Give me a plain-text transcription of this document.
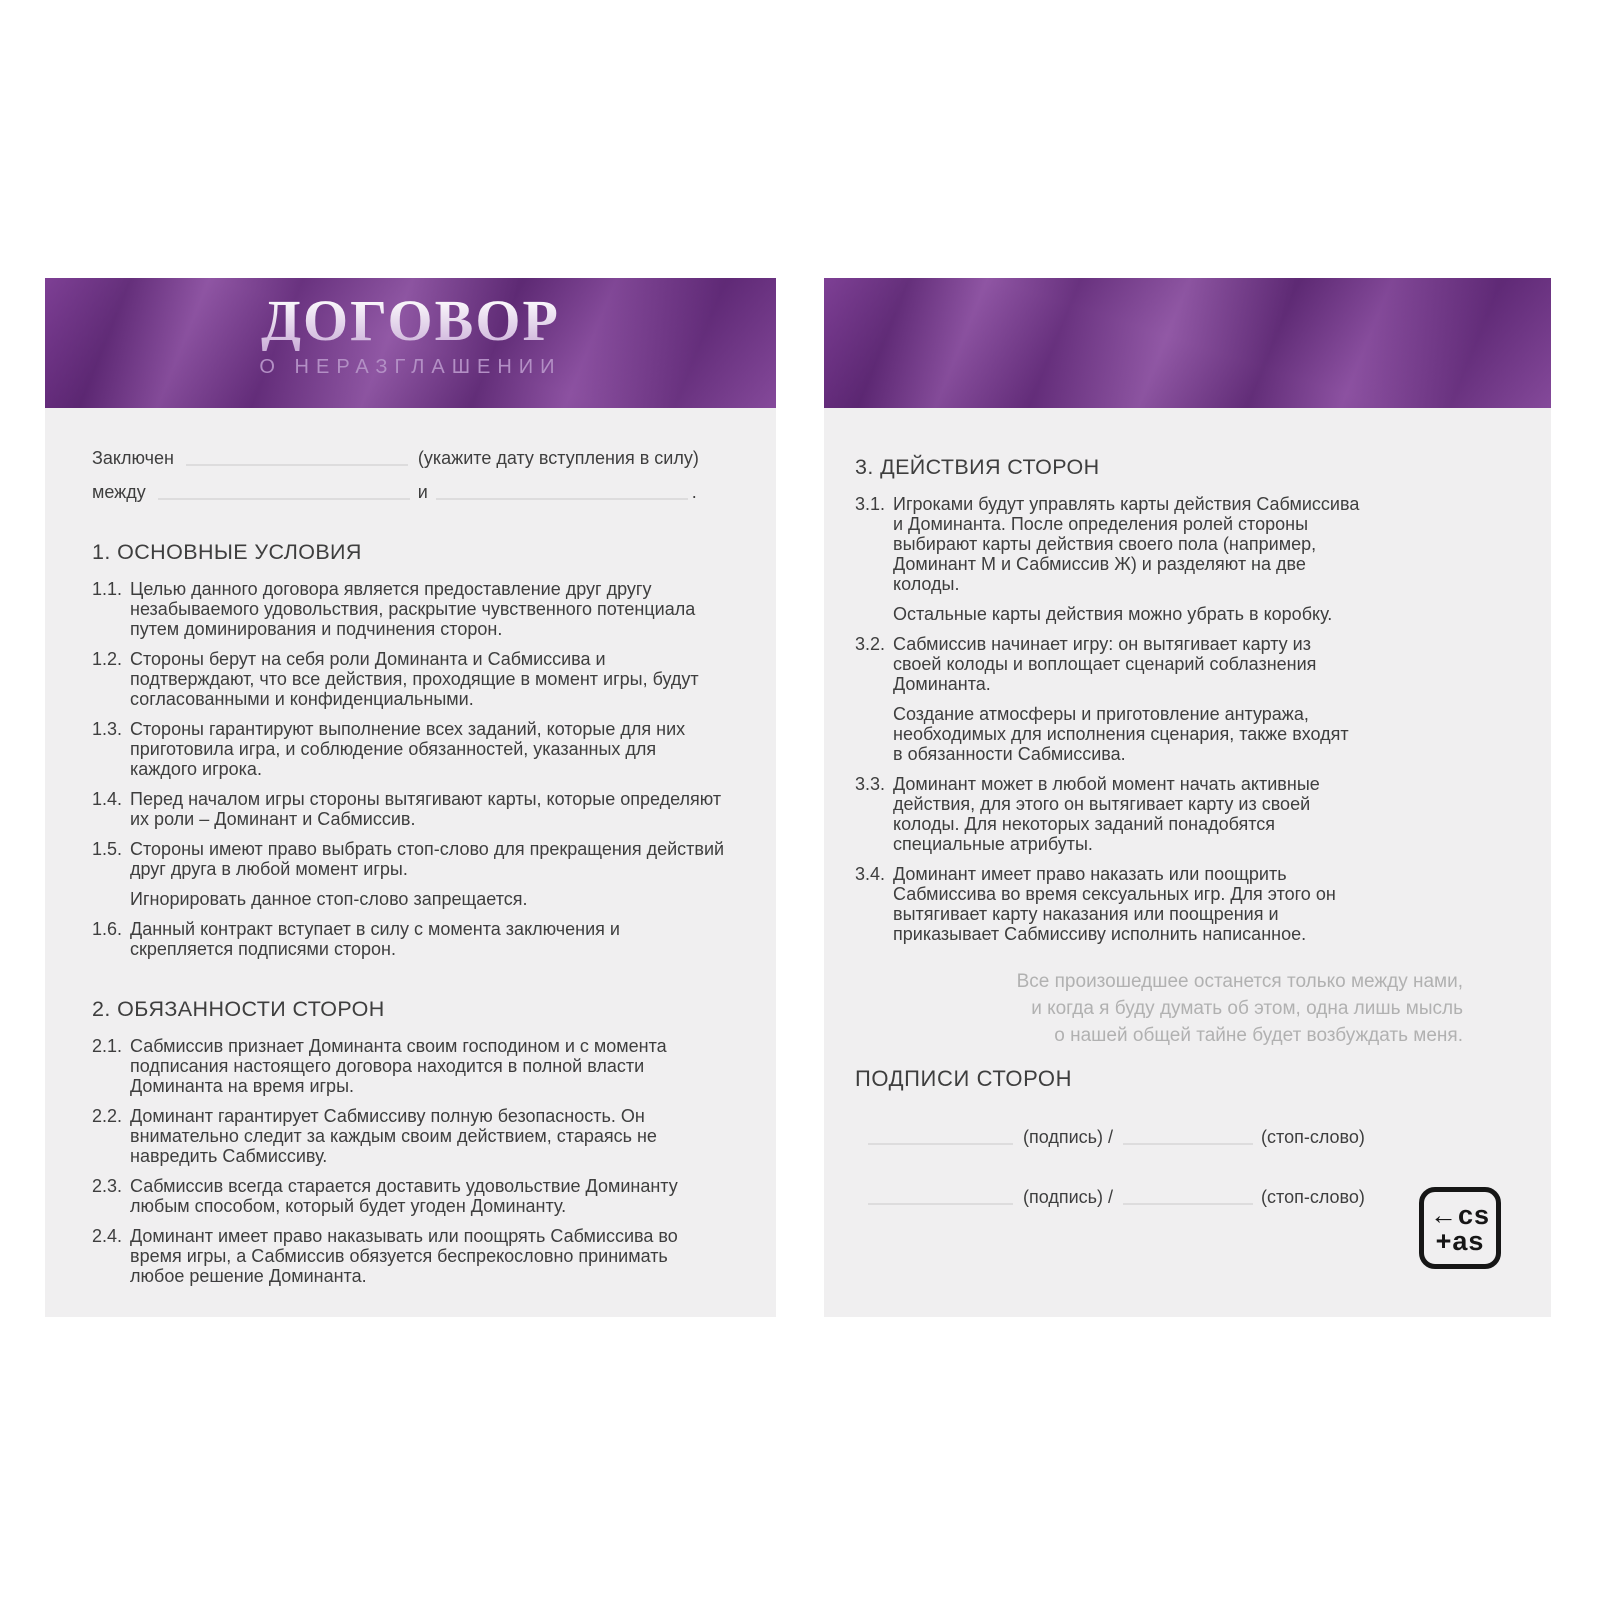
ДОГОВОР
О НЕРАЗГЛАШЕНИИ
Заключен	(укажите дату вступления в силу)
между	и	.
1. ОСНОВНЫЕ УСЛОВИЯ
1.1. Целью данного договора является предоставление друг другу незабываемого удовольствия, раскрытие чувственного потенциала путем доминирования и подчинения сторон.
1.2. Стороны берут на себя роли Доминанта и Сабмиссива и подтверждают, что все действия, проходящие в момент игры, будут согласованными и конфиденциальными.
1.3. Стороны гарантируют выполнение всех заданий, которые для них приготовила игра, и соблюдение обязанностей, указанных для каждого игрока.
1.4. Перед началом игры стороны вытягивают карты, которые определяют их роли – Доминант и Сабмиссив.
1.5. Стороны имеют право выбрать стоп-слово для прекращения действий друг друга в любой момент игры.
Игнорировать данное стоп-слово запрещается.
1.6. Данный контракт вступает в силу с момента заключения и скрепляется подписями сторон.
2. ОБЯЗАННОСТИ СТОРОН
2.1. Сабмиссив признает Доминанта своим господином и с момента подписания настоящего договора находится в полной власти Доминанта на время игры.
2.2. Доминант гарантирует Сабмиссиву полную безопасность. Он внимательно следит за каждым своим действием, стараясь не навредить Сабмиссиву.
2.3. Сабмиссив всегда старается доставить удовольствие Доминанту любым способом, который будет угоден Доминанту.
2.4. Доминант имеет право наказывать или поощрять Сабмиссива во время игры, а Сабмиссив обязуется беспрекословно принимать любое решение Доминанта.
3. ДЕЙСТВИЯ СТОРОН
3.1. Игроками будут управлять карты действия Сабмиссива и Доминанта. После определения ролей стороны выбирают карты действия своего пола (например, Доминант М и Сабмиссив Ж) и разделяют на две колоды.
Остальные карты действия можно убрать в коробку.
3.2. Сабмиссив начинает игру: он вытягивает карту из своей колоды и воплощает сценарий соблазнения Доминанта.
Создание атмосферы и приготовление антуража, необходимых для исполнения сценария, также входят в обязанности Сабмиссива.
3.3. Доминант может в любой момент начать активные действия, для этого он вытягивает карту из своей колоды. Для некоторых заданий понадобятся специальные атрибуты.
3.4. Доминант имеет право наказать или поощрить Сабмиссива во время сексуальных игр. Для этого он вытягивает карту наказания или поощрения и приказывает Сабмиссиву исполнить написанное.
Все произошедшее останется только между нами,
и когда я буду думать об этом, одна лишь мысль
о нашей общей тайне будет возбуждать меня.
ПОДПИСИ СТОРОН
(подпись) /	(стоп-слово)
(подпись) /	(стоп-слово)
←cs
+as
